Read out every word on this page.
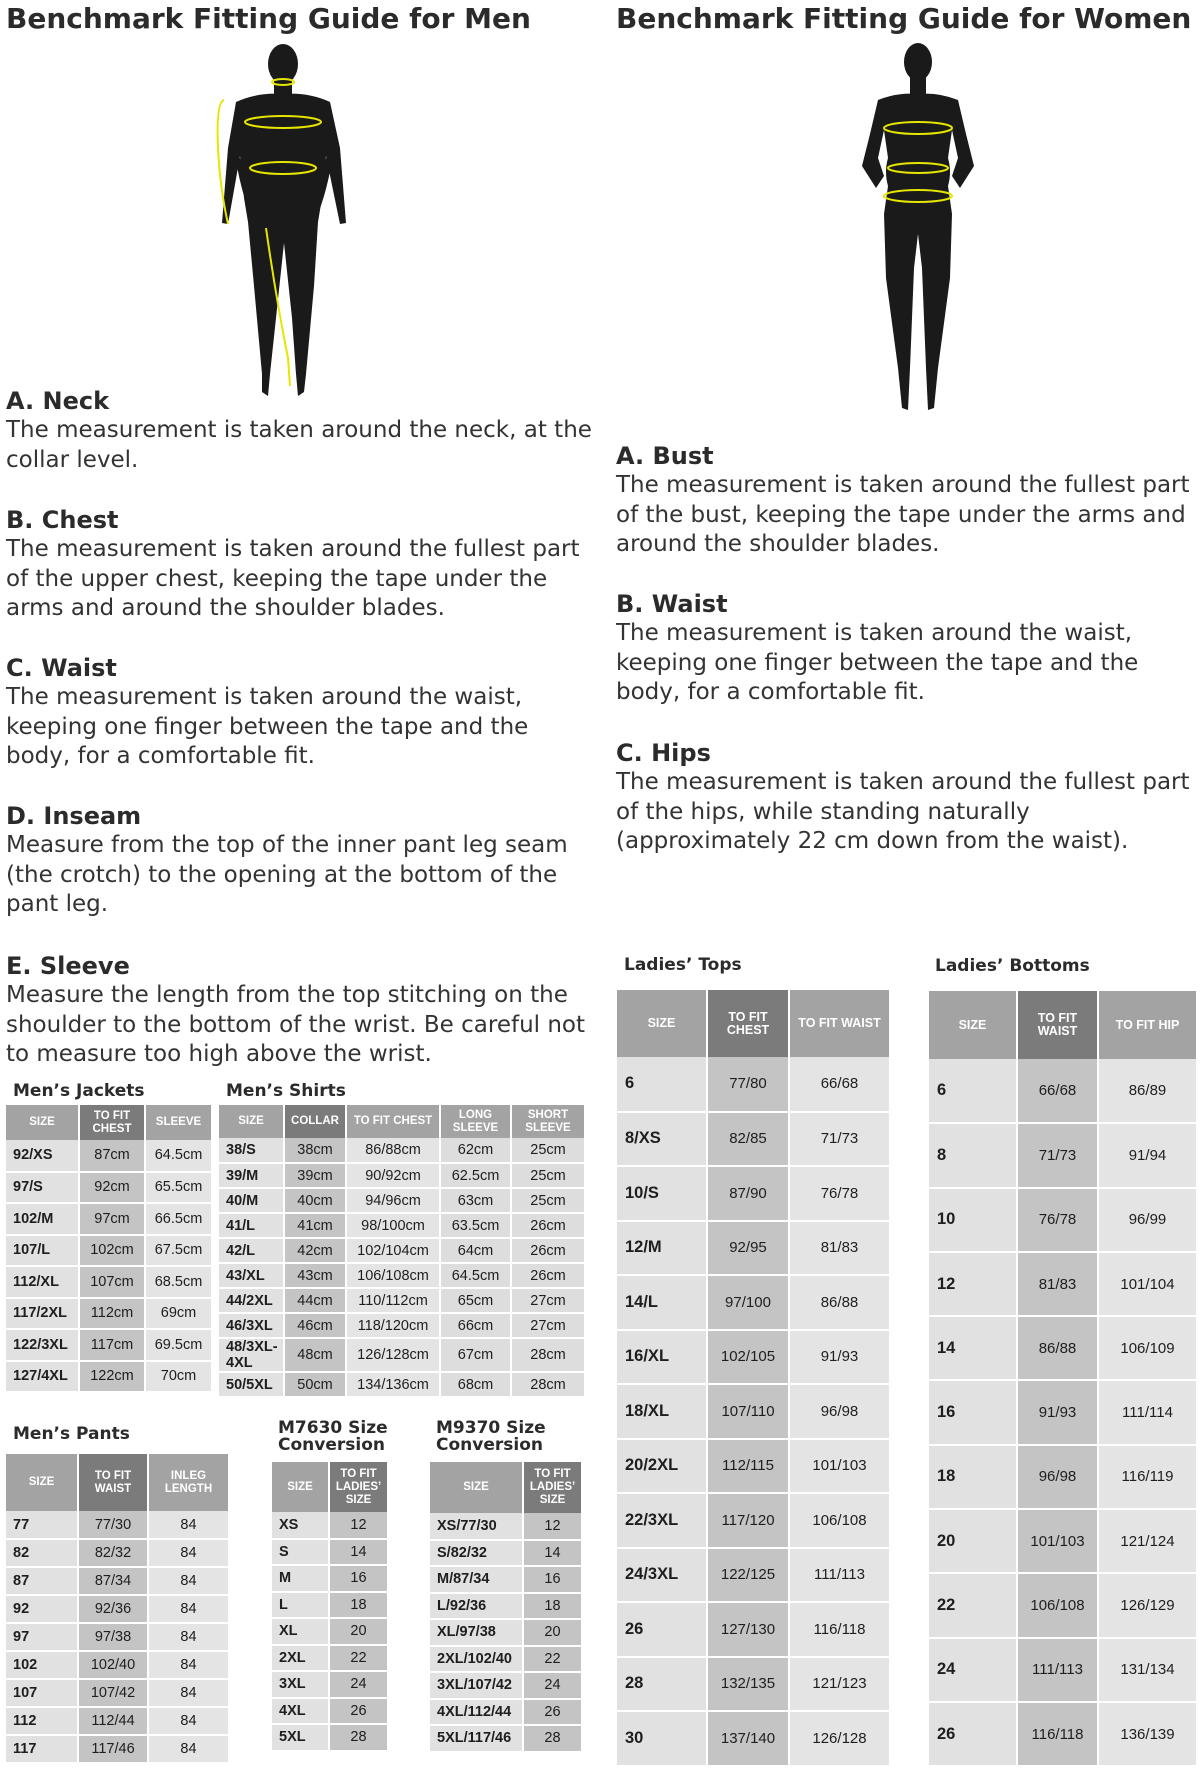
Benchmark Fitting Guide for Men	Benchmark Fitting Guide for Women
A. Neck
The measurement is taken around the neck, at the collar level.
B. Chest
The measurement is taken around the fullest part of the upper chest, keeping the tape under the arms and around the shoulder blades.
C. Waist
The measurement is taken around the waist, keeping one finger between the tape and the body, for a comfortable fit.
D. Inseam
Measure from the top of the inner pant leg seam (the crotch) to the opening at the bottom of the pant leg.
E. Sleeve
Measure the length from the top stitching on the shoulder to the bottom of the wrist. Be careful not to measure too high above the wrist.
A. Bust
The measurement is taken around the fullest part of the bust, keeping the tape under the arms and around the shoulder blades.
B. Waist
The measurement is taken around the waist, keeping one finger between the tape and the body, for a comfortable fit.
C. Hips
The measurement is taken around the fullest part of the hips, while standing naturally (approximately 22 cm down from the waist).
Men’s Jackets	Men’s Shirts
Men’s Pants	M7630 Size Conversion
M9370 Size Conversion
Ladies’ Tops	Ladies’ Bottoms
SIZE	TO FIT CHEST	SLEEVE
92/XS	87cm	64.5cm
97/S	92cm	65.5cm
102/M	97cm	66.5cm
107/L	102cm	67.5cm
112/XL	107cm	68.5cm
117/2XL	112cm	69cm
122/3XL	117cm	69.5cm
127/4XL	122cm	70cm
SIZE	COLLAR	TO FIT CHEST	LONG SLEEVE	SHORT SLEEVE
38/S	38cm	86/88cm	62cm	25cm
39/M	39cm	90/92cm	62.5cm	25cm
40/M	40cm	94/96cm	63cm	25cm
41/L	41cm	98/100cm	63.5cm	26cm
42/L	42cm	102/104cm	64cm	26cm
43/XL	43cm	106/108cm	64.5cm	26cm
44/2XL	44cm	110/112cm	65cm	27cm
46/3XL	46cm	118/120cm	66cm	27cm
48/3XL-4XL	48cm	126/128cm	67cm	28cm
50/5XL	50cm	134/136cm	68cm	28cm
SIZE	TO FIT WAIST	INLEG LENGTH
77	77/30	84
82	82/32	84
87	87/34	84
92	92/36	84
97	97/38	84
102	102/40	84
107	107/42	84
112	112/44	84
117	117/46	84
SIZE	TO FIT LADIES’ SIZE
XS	12
S	14
M	16
L	18
XL	20
2XL	22
3XL	24
4XL	26
5XL	28
SIZE	TO FIT LADIES’ SIZE
XS/77/30	12
S/82/32	14
M/87/34	16
L/92/36	18
XL/97/38	20
2XL/102/40	22
3XL/107/42	24
4XL/112/44	26
5XL/117/46	28
SIZE	TO FIT CHEST	TO FIT WAIST
6	77/80	66/68
8/XS	82/85	71/73
10/S	87/90	76/78
12/M	92/95	81/83
14/L	97/100	86/88
16/XL	102/105	91/93
18/XL	107/110	96/98
20/2XL	112/115	101/103
22/3XL	117/120	106/108
24/3XL	122/125	111/113
26	127/130	116/118
28	132/135	121/123
30	137/140	126/128
SIZE	TO FIT WAIST	TO FIT HIP
6	66/68	86/89
8	71/73	91/94
10	76/78	96/99
12	81/83	101/104
14	86/88	106/109
16	91/93	111/114
18	96/98	116/119
20	101/103	121/124
22	106/108	126/129
24	111/113	131/134
26	116/118	136/139
